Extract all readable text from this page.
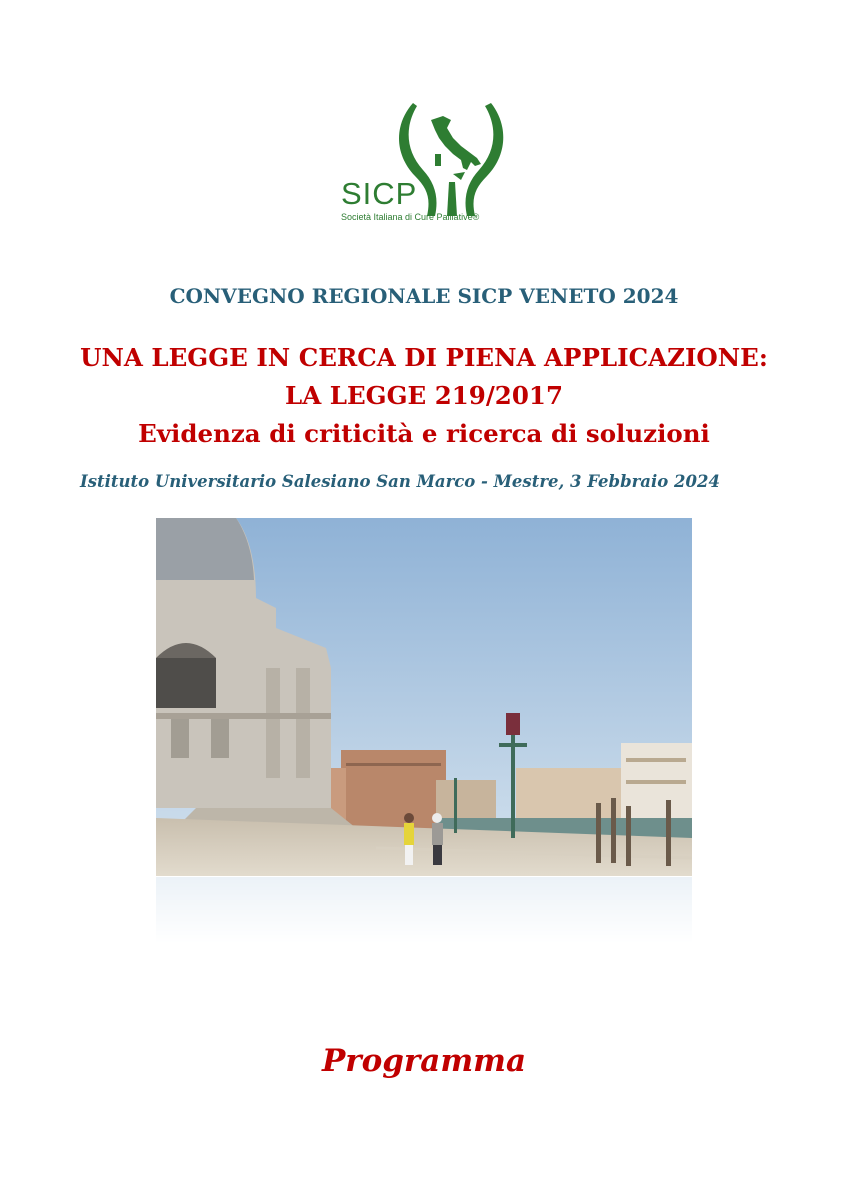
SICP
Società Italiana di Cure Palliative®
CONVEGNO REGIONALE SICP VENETO 2024
UNA LEGGE IN CERCA DI PIENA APPLICAZIONE:
LA LEGGE 219/2017
Evidenza di criticità e ricerca di soluzioni
Istituto Universitario Salesiano San Marco - Mestre, 3 Febbraio 2024
Programma
